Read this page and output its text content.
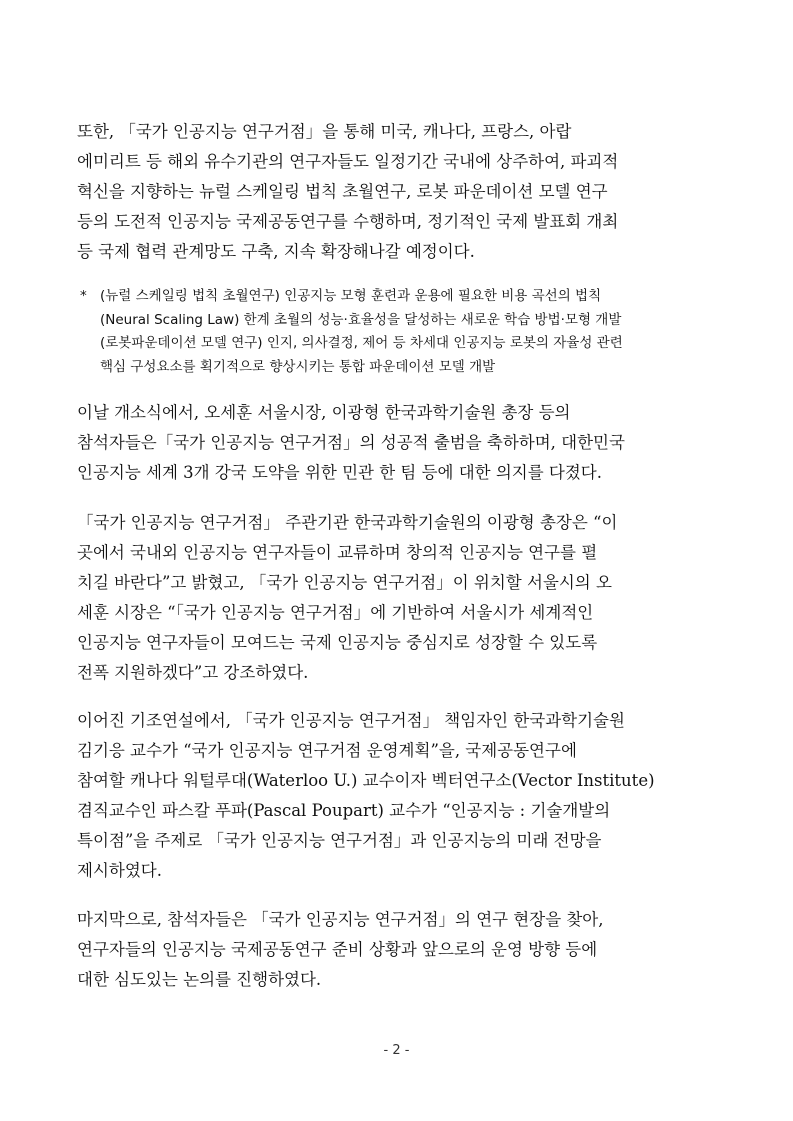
또한, 「국가 인공지능 연구거점」을 통해 미국, 캐나다, 프랑스, 아랍
에미리트 등 해외 유수기관의 연구자들도 일정기간 국내에 상주하여, 파괴적
혁신을 지향하는 뉴럴 스케일링 법칙 초월연구, 로봇 파운데이션 모델 연구
등의 도전적 인공지능 국제공동연구를 수행하며, 정기적인 국제 발표회 개최
등 국제 협력 관계망도 구축, 지속 확장해나갈 예정이다.
* (뉴럴 스케일링 법칙 초월연구) 인공지능 모형 훈련과 운용에 필요한 비용 곡선의 법칙
(Neural Scaling Law) 한계 초월의 성능·효율성을 달성하는 새로운 학습 방법·모형 개발
(로봇파운데이션 모델 연구) 인지, 의사결정, 제어 등 차세대 인공지능 로봇의 자율성 관련
핵심 구성요소를 획기적으로 향상시키는 통합 파운데이션 모델 개발
이날 개소식에서, 오세훈 서울시장, 이광형 한국과학기술원 총장 등의
참석자들은「국가 인공지능 연구거점」의 성공적 출범을 축하하며, 대한민국
인공지능 세계 3개 강국 도약을 위한 민관 한 팀 등에 대한 의지를 다졌다.
「국가 인공지능 연구거점」 주관기관 한국과학기술원의 이광형 총장은 “이
곳에서 국내외 인공지능 연구자들이 교류하며 창의적 인공지능 연구를 펼
치길 바란다”고 밝혔고, 「국가 인공지능 연구거점」이 위치할 서울시의 오
세훈 시장은 “「국가 인공지능 연구거점」에 기반하여 서울시가 세계적인
인공지능 연구자들이 모여드는 국제 인공지능 중심지로 성장할 수 있도록
전폭 지원하겠다”고 강조하였다.
이어진 기조연설에서, 「국가 인공지능 연구거점」 책임자인 한국과학기술원
김기응 교수가 “국가 인공지능 연구거점 운영계획”을, 국제공동연구에
참여할 캐나다 워털루대(Waterloo U.) 교수이자 벡터연구소(Vector Institute)
겸직교수인 파스칼 푸파(Pascal Poupart) 교수가 “인공지능 : 기술개발의
특이점”을 주제로 「국가 인공지능 연구거점」과 인공지능의 미래 전망을
제시하였다.
마지막으로, 참석자들은 「국가 인공지능 연구거점」의 연구 현장을 찾아,
연구자들의 인공지능 국제공동연구 준비 상황과 앞으로의 운영 방향 등에
대한 심도있는 논의를 진행하였다.
- 2 -
